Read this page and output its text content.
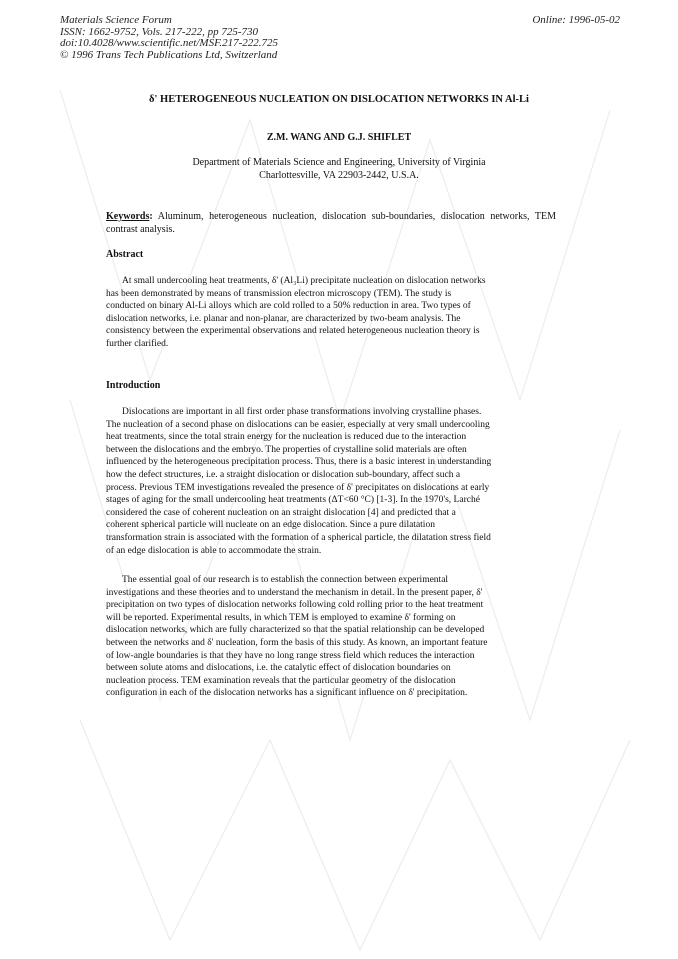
Materials Science Forum
ISSN: 1662-9752, Vols. 217-222, pp 725-730
doi:10.4028/www.scientific.net/MSF.217-222.725
© 1996 Trans Tech Publications Ltd, Switzerland
Online: 1996-05-02
δ' HETEROGENEOUS NUCLEATION ON DISLOCATION NETWORKS IN Al-Li
Z.M. WANG AND G.J. SHIFLET
Department of Materials Science and Engineering, University of Virginia
Charlottesville, VA 22903-2442, U.S.A.
Keywords: Aluminum, heterogeneous nucleation, dislocation sub-boundaries, dislocation networks, TEM contrast analysis.
Abstract
At small undercooling heat treatments, δ' (Al₃Li) precipitate nucleation on dislocation networks
has been demonstrated by means of transmission electron microscopy (TEM). The study is
conducted on binary Al-Li alloys which are cold rolled to a 50% reduction in area. Two types of
dislocation networks, i.e. planar and non-planar, are characterized by two-beam analysis. The
consistency between the experimental observations and related heterogeneous nucleation theory is
further clarified.
Introduction
Dislocations are important in all first order phase transformations involving crystalline phases.
The nucleation of a second phase on dislocations can be easier, especially at very small undercooling
heat treatments, since the total strain energy for the nucleation is reduced due to the interaction
between the dislocations and the embryo. The properties of crystalline solid materials are often
influenced by the heterogeneous precipitation process. Thus, there is a basic interest in understanding
how the defect structures, i.e. a straight dislocation or dislocation sub-boundary, affect such a
process. Previous TEM investigations revealed the presence of δ' precipitates on dislocations at early
stages of aging for the small undercooling heat treatments (ΔT<60 °C) [1-3]. In the 1970's, Larché
considered the case of coherent nucleation on an straight dislocation [4] and predicted that a
coherent spherical particle will nucleate on an edge dislocation. Since a pure dilatation
transformation strain is associated with the formation of a spherical particle, the dilatation stress field
of an edge dislocation is able to accommodate the strain.
The essential goal of our research is to establish the connection between experimental
investigations and these theories and to understand the mechanism in detail. In the present paper, δ'
precipitation on two types of dislocation networks following cold rolling prior to the heat treatment
will be reported. Experimental results, in which TEM is employed to examine δ' forming on
dislocation networks, which are fully characterized so that the spatial relationship can be developed
between the networks and δ' nucleation, form the basis of this study. As known, an important feature
of low-angle boundaries is that they have no long range stress field which reduces the interaction
between solute atoms and dislocations, i.e. the catalytic effect of dislocation boundaries on
nucleation process. TEM examination reveals that the particular geometry of the dislocation
configuration in each of the dislocation networks has a significant influence on δ' precipitation.
